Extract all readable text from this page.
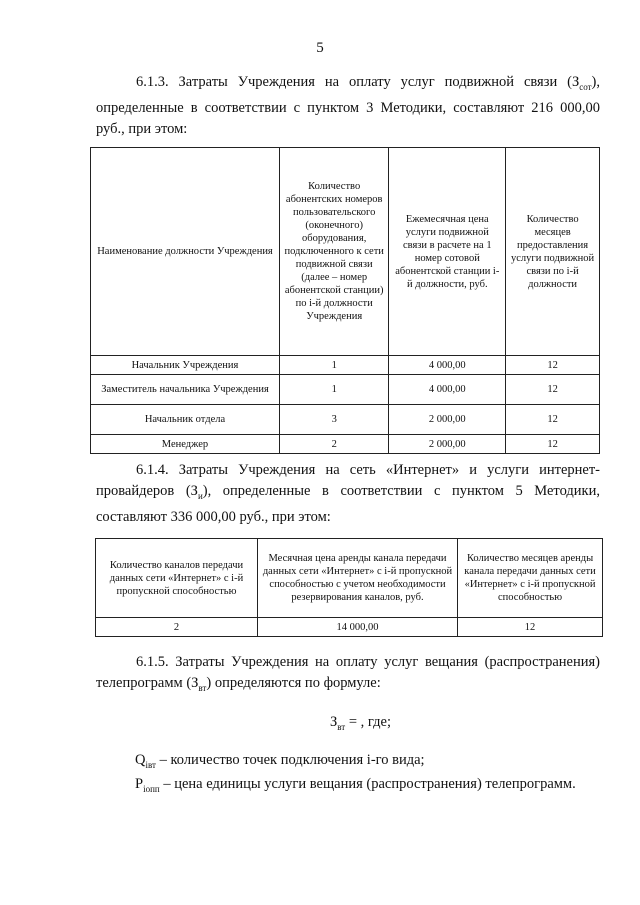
5

6.1.3. Затраты Учреждения на оплату услуг подвижной связи $(З_{сот})$, определенные в соответствии с пунктом 3 Методики, составляют 216 000,00 руб., при этом:

Наименование должности Учреждения	Количество абонентских номеров пользовательского (оконечного) оборудования, подключенного к сети подвижной связи (далее – номер абонентской станции) по i-й должности Учреждения	Ежемесячная цена услуги подвижной связи в расчете на 1 номер сотовой абонентской станции i-й должности, руб.	Количество месяцев предоставления услуги подвижной связи по i-й должности
Начальник Учреждения	1	4 000,00	12
Заместитель начальника Учреждения	1	4 000,00	12
Начальник отдела	3	2 000,00	12
Менеджер	2	2 000,00	12

6.1.4. Затраты Учреждения на сеть «Интернет» и услуги интернет-провайдеров $(З_и)$, определенные в соответствии с пунктом 5 Методики, составляют 336 000,00 руб., при этом:

Количество каналов передачи данных сети «Интернет» с i-й пропускной способностью	Месячная цена аренды канала передачи данных сети «Интернет» с i-й пропускной способностью с учетом необходимости резервирования каналов, руб.	Количество месяцев аренды канала передачи данных сети «Интернет» с i-й пропускной способностью
2	14 000,00	12

6.1.5. Затраты Учреждения на оплату услуг вещания (распространения) телепрограмм $(З_{вт})$ определяются по формуле:

$З_{вт}$ = , где;

$Q_{iвт}$ – количество точек подключения i-го вида;

$P_{iопп}$ – цена единицы услуги вещания (распространения) телепрограмм.
